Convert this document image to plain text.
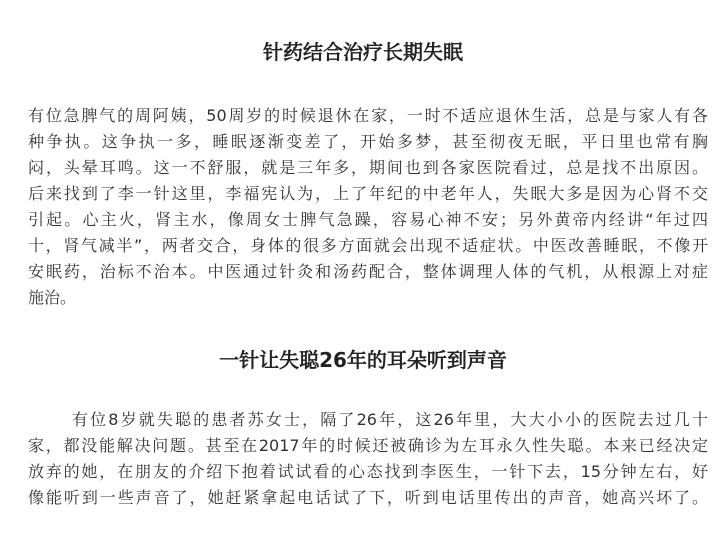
针药结合治疗长期失眠
有位急脾气的周阿姨，50周岁的时候退休在家，一时不适应退休生活，总是与家人有各
种争执。这争执一多，睡眠逐渐变差了，开始多梦，甚至彻夜无眠，平日里也常有胸
闷，头晕耳鸣。这一不舒服，就是三年多，期间也到各家医院看过，总是找不出原因。
后来找到了李一针这里，李福宪认为，上了年纪的中老年人，失眠大多是因为心肾不交
引起。心主火，肾主水，像周女士脾气急躁，容易心神不安；另外黄帝内经讲“年过四
十，肾气减半”，两者交合，身体的很多方面就会出现不适症状。中医改善睡眠，不像开
安眠药，治标不治本。中医通过针灸和汤药配合，整体调理人体的气机，从根源上对症
施治。
一针让失聪26年的耳朵听到声音
有位8岁就失聪的患者苏女士，隔了26年，这26年里，大大小小的医院去过几十
家，都没能解决问题。甚至在2017年的时候还被确诊为左耳永久性失聪。本来已经决定
放弃的她，在朋友的介绍下抱着试试看的心态找到李医生，一针下去，15分钟左右，好
像能听到一些声音了，她赶紧拿起电话试了下，听到电话里传出的声音，她高兴坏了。
